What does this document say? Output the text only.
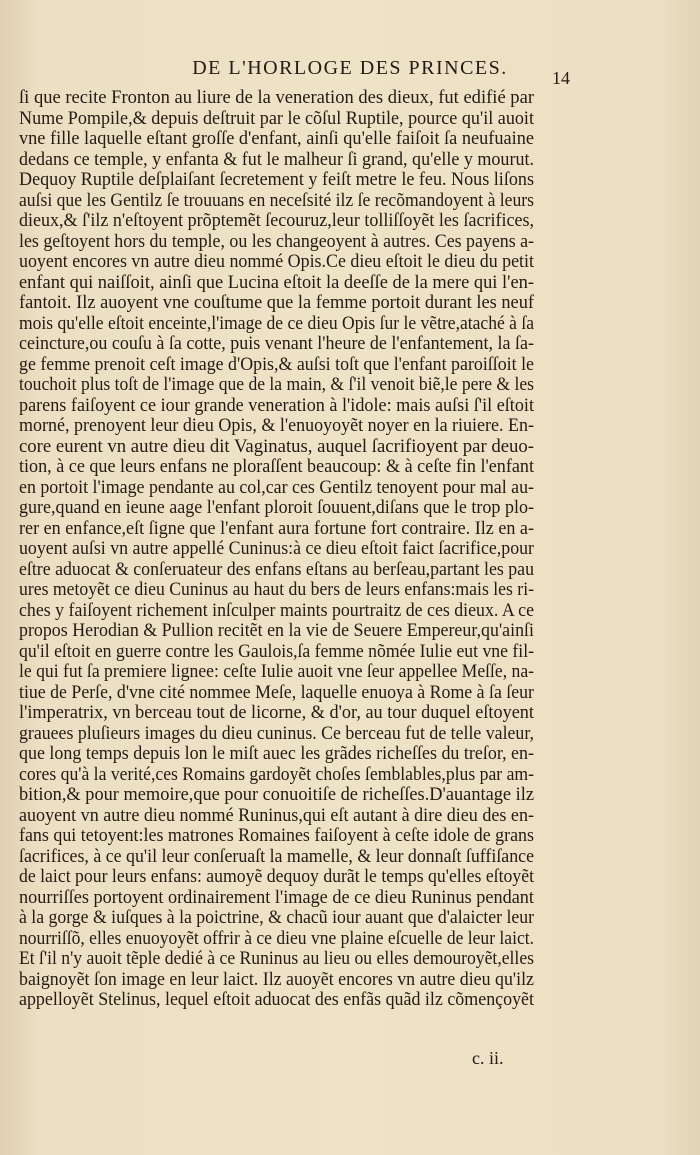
DE L'HORLOGE DES PRINCES.	14
ſi que recite Fronton au liure de la veneration des dieux, fut edifié par
Nume Pompile,& depuis deſtruit par le cõſul Ruptile, pource qu'il auoit
vne fille laquelle eſtant groſſe d'enfant, ainſi qu'elle faiſoit ſa neufuaine
dedans ce temple, y enfanta & fut le malheur ſi grand, qu'elle y mourut.
Dequoy Ruptile deſplaiſant ſecretement y feiſt metre le feu. Nous liſons
auſsi que les Gentilz ſe trouuans en neceſsité ilz ſe recõmandoyent à leurs
dieux,& ſ'ilz n'eſtoyent prõptemẽt ſecouruz,leur tolliſſoyẽt les ſacrifices,
les geſtoyent hors du temple, ou les changeoyent à autres. Ces payens a-
uoyent encores vn autre dieu nommé Opis.Ce dieu eſtoit le dieu du petit
enfant qui naiſſoit, ainſi que Lucina eſtoit la deeſſe de la mere qui l'en-
fantoit. Ilz auoyent vne couſtume que la femme portoit durant les neuf
mois qu'elle eſtoit enceinte,l'image de ce dieu Opis ſur le vẽtre,ataché à ſa
ceincture,ou couſu à ſa cotte, puis venant l'heure de l'enfantement, la ſa-
ge femme prenoit ceſt image d'Opis,& auſsi toſt que l'enfant paroiſſoit le
touchoit plus toſt de l'image que de la main, & ſ'il venoit biẽ,le pere & les
parens faiſoyent ce iour grande veneration à l'idole: mais auſsi ſ'il eſtoit
morné, prenoyent leur dieu Opis, & l'enuoyoyẽt noyer en la riuiere. En-
core eurent vn autre dieu dit Vaginatus, auquel ſacrifioyent par deuo-
tion, à ce que leurs enfans ne ploraſſent beaucoup: & à ceſte fin l'enfant
en portoit l'image pendante au col,car ces Gentilz tenoyent pour mal au-
gure,quand en ieune aage l'enfant ploroit ſouuent,diſans que le trop plo-
rer en enfance,eſt ſigne que l'enfant aura fortune fort contraire. Ilz en a-
uoyent auſsi vn autre appellé Cuninus:à ce dieu eſtoit faict ſacrifice,pour
eſtre aduocat & conſeruateur des enfans eſtans au berſeau,partant les pau
ures metoyẽt ce dieu Cuninus au haut du bers de leurs enfans:mais les ri-
ches y faiſoyent richement inſculper maints pourtraitz de ces dieux. A ce
propos Herodian & Pullion recitẽt en la vie de Seuere Empereur,qu'ainſi
qu'il eſtoit en guerre contre les Gaulois,ſa femme nõmée Iulie eut vne fil-
le qui fut ſa premiere lignee: ceſte Iulie auoit vne ſeur appellee Meſſe, na-
tiue de Perſe, d'vne cité nommee Meſe, laquelle enuoya à Rome à ſa ſeur
l'imperatrix, vn berceau tout de licorne, & d'or, au tour duquel eſtoyent
grauees pluſieurs images du dieu cuninus. Ce berceau fut de telle valeur,
que long temps depuis lon le miſt auec les grãdes richeſſes du treſor, en-
cores qu'à la verité,ces Romains gardoyẽt choſes ſemblables,plus par am-
bition,& pour memoire,que pour conuoitiſe de richeſſes.D'auantage ilz
auoyent vn autre dieu nommé Runinus,qui eſt autant à dire dieu des en-
fans qui tetoyent:les matrones Romaines faiſoyent à ceſte idole de grans
ſacrifices, à ce qu'il leur conſeruaſt la mamelle, & leur donnaſt ſuffiſance
de laict pour leurs enfans: aumoyẽ dequoy durãt le temps qu'elles eſtoyẽt
nourriſſes portoyent ordinairement l'image de ce dieu Runinus pendant
à la gorge & iuſques à la poictrine, & chacũ iour auant que d'alaicter leur
nourriſſõ, elles enuoyoyẽt offrir à ce dieu vne plaine eſcuelle de leur laict.
Et ſ'il n'y auoit tẽple dedié à ce Runinus au lieu ou elles demouroyẽt,elles
baignoyẽt ſon image en leur laict. Ilz auoyẽt encores vn autre dieu qu'ilz
appelloyẽt Stelinus, lequel eſtoit aduocat des enfãs quãd ilz cõmençoyẽt
c. ii.
